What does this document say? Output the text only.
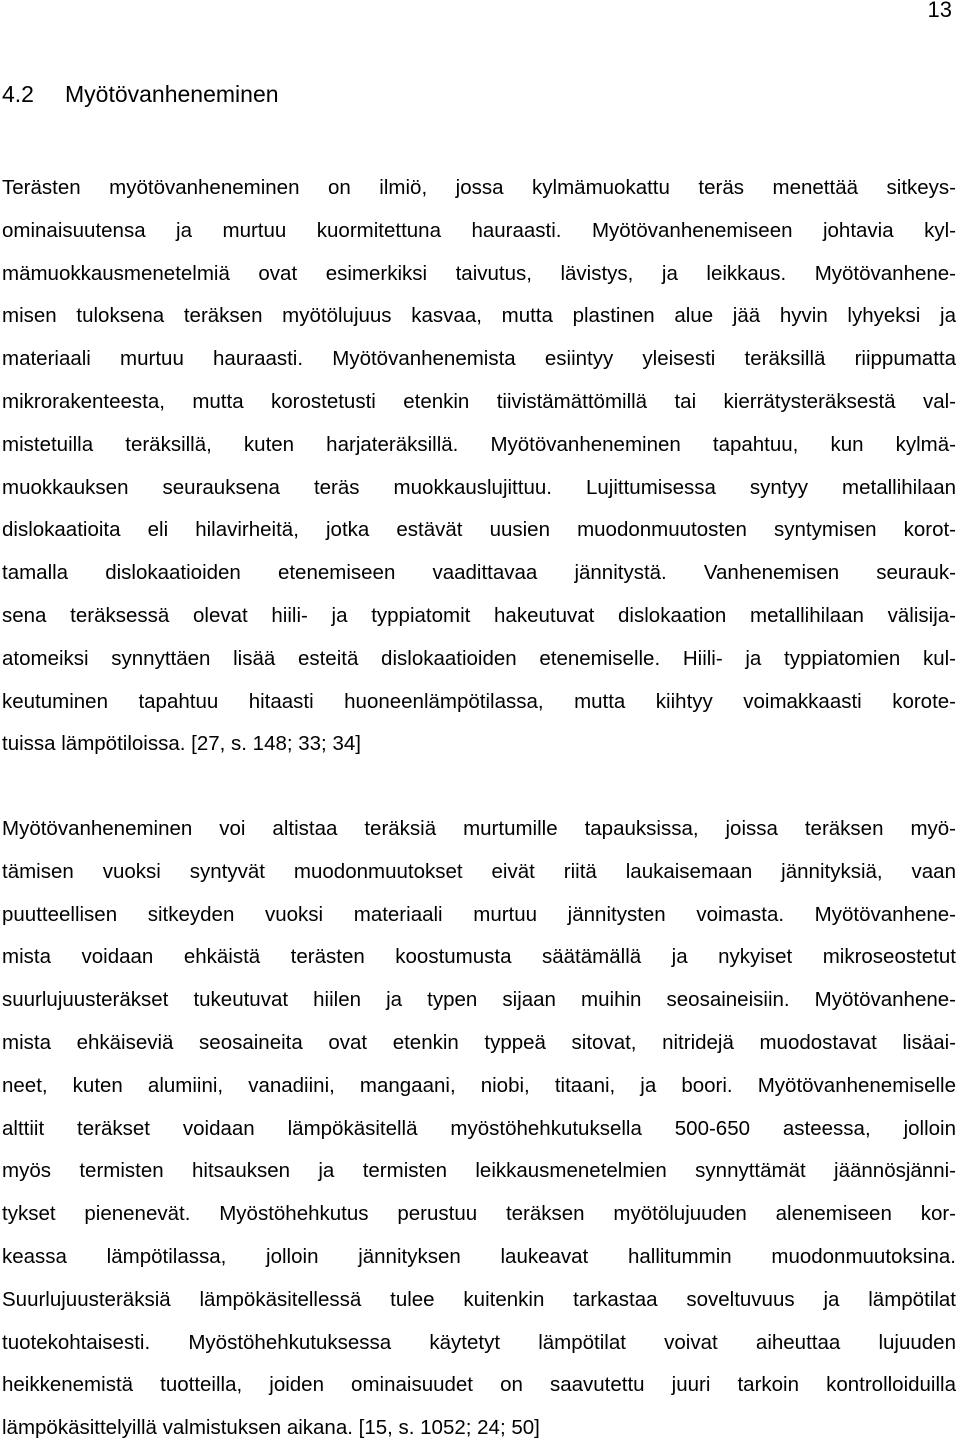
13
4.2 Myötövanheneminen

Terästen myötövanheneminen on ilmiö, jossa kylmämuokattu teräs menettää sitkeys-
ominaisuutensa ja murtuu kuormitettuna hauraasti. Myötövanhenemiseen johtavia kyl-
mämuokkausmenetelmiä ovat esimerkiksi taivutus, lävistys, ja leikkaus. Myötövanhene-
misen tuloksena teräksen myötölujuus kasvaa, mutta plastinen alue jää hyvin lyhyeksi ja
materiaali murtuu hauraasti. Myötövanhenemista esiintyy yleisesti teräksillä riippumatta
mikrorakenteesta, mutta korostetusti etenkin tiivistämättömillä tai kierrätysteräksestä val-
mistetuilla teräksillä, kuten harjateräksillä. Myötövanheneminen tapahtuu, kun kylmä-
muokkauksen seurauksena teräs muokkauslujittuu. Lujittumisessa syntyy metallihilaan
dislokaatioita eli hilavirheitä, jotka estävät uusien muodonmuutosten syntymisen korot-
tamalla dislokaatioiden etenemiseen vaadittavaa jännitystä. Vanhenemisen seurauk-
sena teräksessä olevat hiili- ja typpiatomit hakeutuvat dislokaation metallihilaan välisija-
atomeiksi synnyttäen lisää esteitä dislokaatioiden etenemiselle. Hiili- ja typpiatomien kul-
keutuminen tapahtuu hitaasti huoneenlämpötilassa, mutta kiihtyy voimakkaasti korote-
tuissa lämpötiloissa. [27, s. 148; 33; 34]

Myötövanheneminen voi altistaa teräksiä murtumille tapauksissa, joissa teräksen myö-
tämisen vuoksi syntyvät muodonmuutokset eivät riitä laukaisemaan jännityksiä, vaan
puutteellisen sitkeyden vuoksi materiaali murtuu jännitysten voimasta. Myötövanhene-
mista voidaan ehkäistä terästen koostumusta säätämällä ja nykyiset mikroseostetut
suurlujuusteräkset tukeutuvat hiilen ja typen sijaan muihin seosaineisiin. Myötövanhene-
mista ehkäiseviä seosaineita ovat etenkin typpeä sitovat, nitridejä muodostavat lisäai-
neet, kuten alumiini, vanadiini, mangaani, niobi, titaani, ja boori. Myötövanhenemiselle
alttiit teräkset voidaan lämpökäsitellä myöstöhehkutuksella 500-650 asteessa, jolloin
myös termisten hitsauksen ja termisten leikkausmenetelmien synnyttämät jäännösjänni-
tykset pienenevät. Myöstöhehkutus perustuu teräksen myötölujuuden alenemiseen kor-
keassa lämpötilassa, jolloin jännityksen laukeavat hallitummin muodonmuutoksina.
Suurlujuusteräksiä lämpökäsitellessä tulee kuitenkin tarkastaa soveltuvuus ja lämpötilat
tuotekohtaisesti. Myöstöhehkutuksessa käytetyt lämpötilat voivat aiheuttaa lujuuden
heikkenemistä tuotteilla, joiden ominaisuudet on saavutettu juuri tarkoin kontrolloiduilla
lämpökäsittelyillä valmistuksen aikana. [15, s. 1052; 24; 50]
